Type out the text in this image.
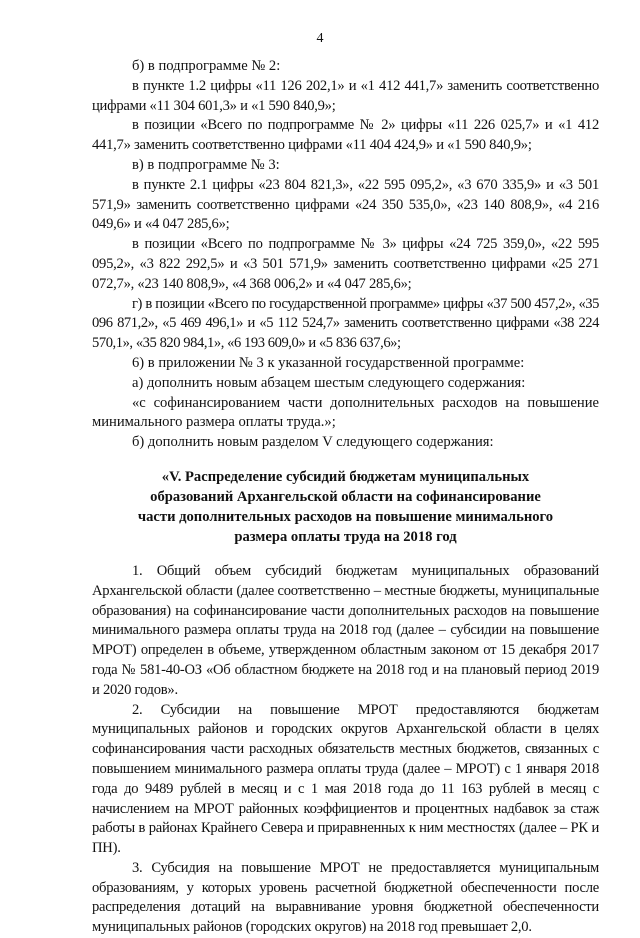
4

б) в подпрограмме № 2:

в пункте 1.2 цифры «11 126 202,1» и «1 412 441,7» заменить соответственно цифрами «11 304 601,3» и «1 590 840,9»;

в позиции «Всего по подпрограмме № 2» цифры «11 226 025,7» и «1 412 441,7» заменить соответственно цифрами «11 404 424,9» и «1 590 840,9»;

в) в подпрограмме № 3:

в пункте 2.1 цифры «23 804 821,3», «22 595 095,2», «3 670 335,9» и «3 501 571,9» заменить соответственно цифрами «24 350 535,0», «23 140 808,9», «4 216 049,6» и «4 047 285,6»;

в позиции «Всего по подпрограмме № 3» цифры «24 725 359,0», «22 595 095,2», «3 822 292,5» и «3 501 571,9» заменить соответственно цифрами «25 271 072,7», «23 140 808,9», «4 368 006,2» и «4 047 285,6»;

г) в позиции «Всего по государственной программе» цифры «37 500 457,2», «35 096 871,2», «5 469 496,1» и «5 112 524,7» заменить соответственно цифрами «38 224 570,1», «35 820 984,1», «6 193 609,0» и «5 836 637,6»;

6) в приложении № 3 к указанной государственной программе:

а) дополнить новым абзацем шестым следующего содержания:

«с софинансированием части дополнительных расходов на повышение минимального размера оплаты труда.»;

б) дополнить новым разделом V следующего содержания:

«V. Распределение субсидий бюджетам муниципальных
образований Архангельской области на софинансирование
части дополнительных расходов на повышение минимального
размера оплаты труда на 2018 год

1. Общий объем субсидий бюджетам муниципальных образований Архангельской области (далее соответственно – местные бюджеты, муниципальные образования) на софинансирование части дополнительных расходов на повышение минимального размера оплаты труда на 2018 год (далее – субсидии на повышение МРОТ) определен в объеме, утвержденном областным законом от 15 декабря 2017 года № 581-40-ОЗ «Об областном бюджете на 2018 год и на плановый период 2019 и 2020 годов».

2. Субсидии на повышение МРОТ предоставляются бюджетам муниципальных районов и городских округов Архангельской области в целях софинансирования части расходных обязательств местных бюджетов, связанных с повышением минимального размера оплаты труда (далее – МРОТ) с 1 января 2018 года до 9489 рублей в месяц и с 1 мая 2018 года до 11 163 рублей в месяц с начислением на МРОТ районных коэффициентов и процентных надбавок за стаж работы в районах Крайнего Севера и приравненных к ним местностях (далее – РК и ПН).

3. Субсидия на повышение МРОТ не предоставляется муниципальным образованиям, у которых уровень расчетной бюджетной обеспеченности после распределения дотаций на выравнивание уровня бюджетной обеспеченности муниципальных районов (городских округов) на 2018 год превышает 2,0.
